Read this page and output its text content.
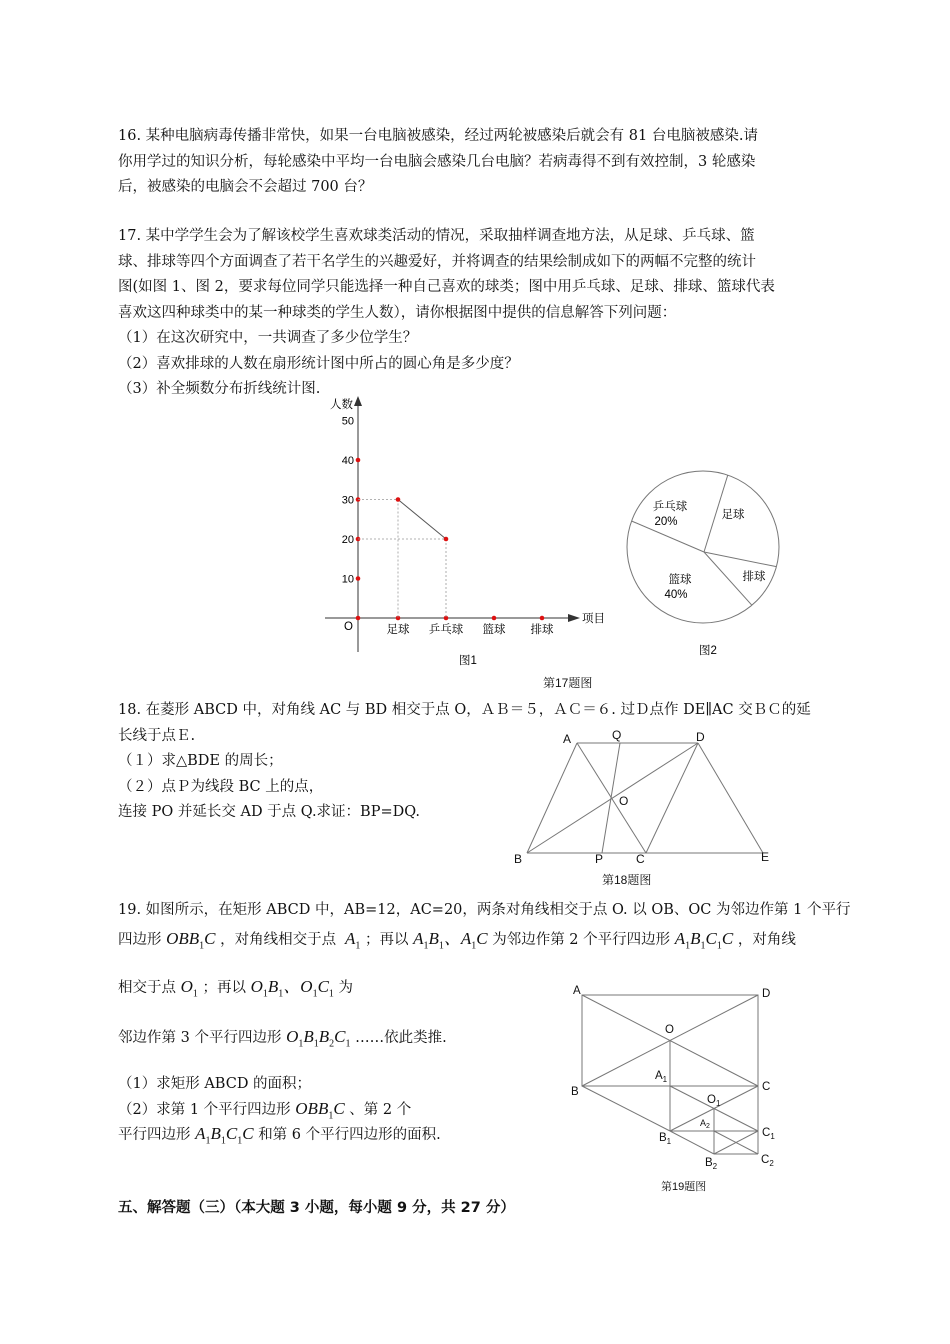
16. 某种电脑病毒传播非常快，如果一台电脑被感染，经过两轮被感染后就会有 81 台电脑被感染.请
你用学过的知识分析，每轮感染中平均一台电脑会感染几台电脑？若病毒得不到有效控制，3 轮感染
后，被感染的电脑会不会超过 700 台？
17. 某中学学生会为了解该校学生喜欢球类活动的情况，采取抽样调查地方法，从足球、乒乓球、篮
球、排球等四个方面调查了若干名学生的兴趣爱好，并将调查的结果绘制成如下的两幅不完整的统计
图(如图 1、图 2，要求每位同学只能选择一种自己喜欢的球类；图中用乒乓球、足球、排球、篮球代表
喜欢这四种球类中的某一种球类的学生人数），请你根据图中提供的信息解答下列问题：
（1）在这次研究中，一共调查了多少位学生？
（2）喜欢排球的人数在扇形统计图中所占的圆心角是多少度？
（3）补全频数分布折线统计图.
人数
项目
O
10
20
30
40
50
足球 乒乓球 篮球 排球
图1
乒乓球
20%
足球
排球
篮球
40%
图2
第17题图
18. 在菱形 ABCD 中，对角线 AC 与 BD 相交于点 O，ＡＢ＝５，ＡＣ＝６. 过Ｄ点作 DE∥AC 交ＢＣ的延
长线于点Ｅ.
（１）求△BDE 的周长；
（２）点Ｐ为线段 BC 上的点，
连接 PO 并延长交 AD 于点 Q.求证：BP=DQ.
A	Q	D
O
B	P	C	E
第18题图
19. 如图所示，在矩形 ABCD 中，AB=12，AC=20，两条对角线相交于点 O. 以 OB、OC 为邻边作第 1 个平行
四边形 $OBB_1C$ ，对角线相交于点  $A_1$ ；再以 $A_1B_1$、$A_1C$ 为邻边作第 2 个平行四边形 $A_1B_1C_1C$ ，对角线
相交于点 $O_1$ ；再以 $O_1B_1$、$O_1C_1$ 为
邻边作第 3 个平行四边形 $O_1B_1B_2C_1$ ……依此类推.
（1）求矩形 ABCD 的面积；
（2）求第 1 个平行四边形 $OBB_1C$ 、第 2 个
平行四边形 $A_1B_1C_1C$ 和第 6 个平行四边形的面积.
A	D
O
B	C
$A_1$
$O_1$
$A_2$
$B_1$
$C_1$
$B_2$
$C_2$
第19题图
五、解答题（三）（本大题 3 小题，每小题 9 分，共 27 分）
